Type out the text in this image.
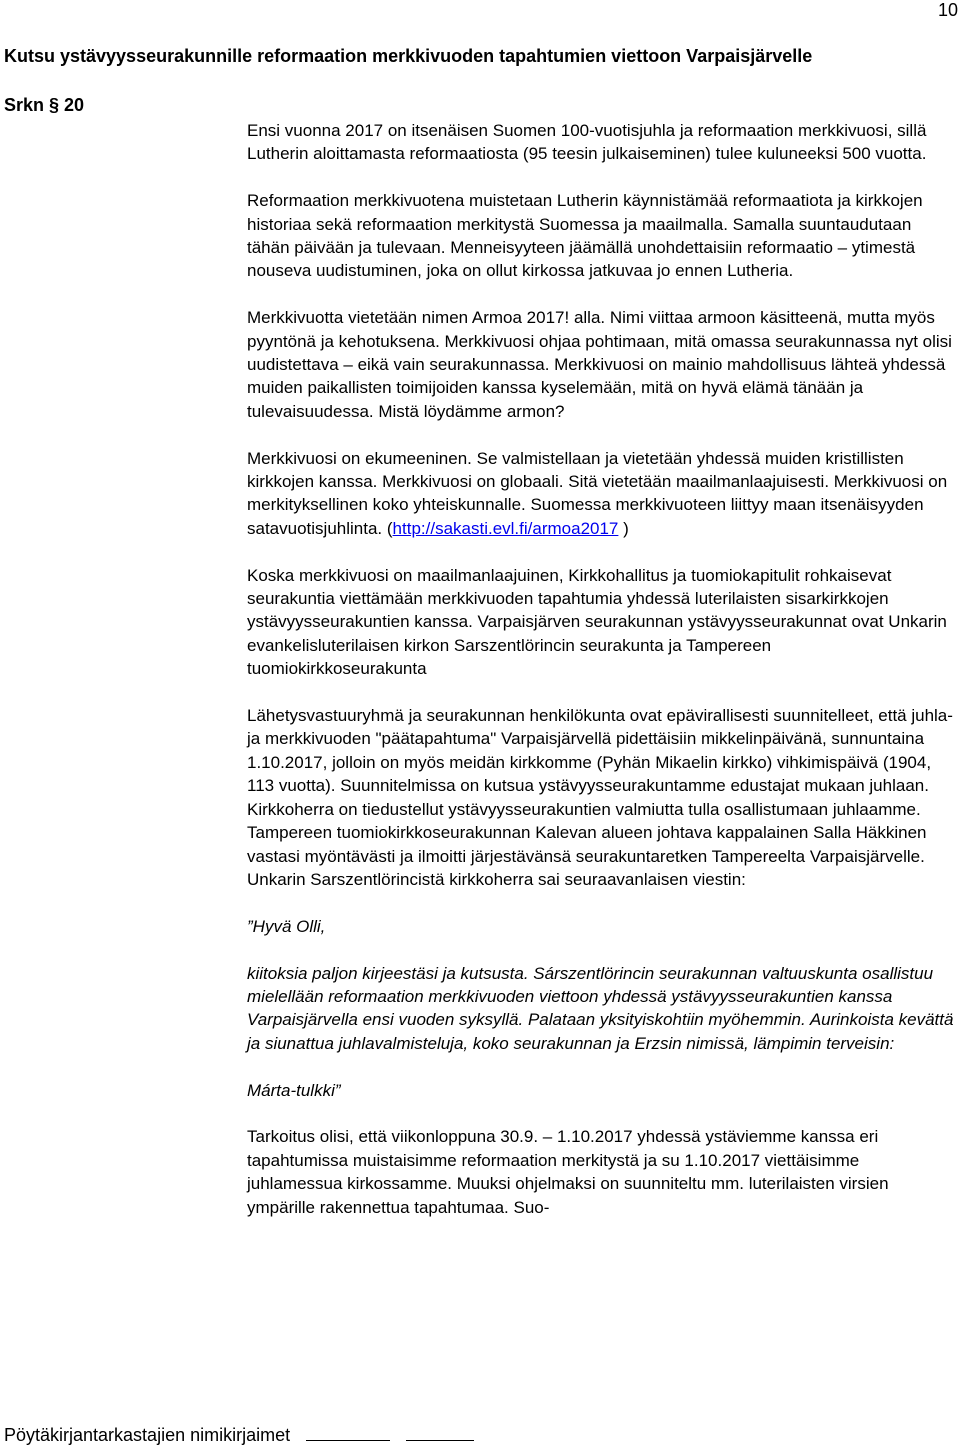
10
Kutsu ystävyysseurakunnille reformaation merkkivuoden tapahtumien viettoon Varpaisjärvelle
Srkn § 20

Ensi vuonna 2017 on itsenäisen Suomen 100-vuotisjuhla ja reformaation merkkivuosi, sillä Lutherin aloittamasta reformaatiosta (95 teesin julkaiseminen) tulee kuluneeksi 500 vuotta.

Reformaation merkkivuotena muistetaan Lutherin käynnistämää reformaatiota ja kirkkojen historiaa sekä reformaation merkitystä Suomessa ja maailmalla. Samalla suuntaudutaan tähän päivään ja tulevaan. Menneisyyteen jäämällä unohdettaisiin reformaatio – ytimestä nouseva uudistuminen, joka on ollut kirkossa jatkuvaa jo ennen Lutheria.

Merkkivuotta vietetään nimen Armoa 2017! alla. Nimi viittaa armoon käsitteenä, mutta myös pyyntönä ja kehotuksena. Merkkivuosi ohjaa pohtimaan, mitä omassa seurakunnassa nyt olisi uudistettava – eikä vain seurakunnassa. Merkkivuosi on mainio mahdollisuus lähteä yhdessä muiden paikallisten toimijoiden kanssa kyselemään, mitä on hyvä elämä tänään ja tulevaisuudessa. Mistä löydämme armon?

Merkkivuosi on ekumeeninen. Se valmistellaan ja vietetään yhdessä muiden kristillisten kirkkojen kanssa. Merkkivuosi on globaali. Sitä vietetään maailmanlaajuisesti. Merkkivuosi on merkityksellinen koko yhteiskunnalle. Suomessa merkkivuoteen liittyy maan itsenäisyyden satavuotisjuhlinta. (http://sakasti.evl.fi/armoa2017 )

Koska merkkivuosi on maailmanlaajuinen, Kirkkohallitus ja tuomiokapitulit rohkaisevat seurakuntia viettämään merkkivuoden tapahtumia yhdessä luterilaisten sisarkirkkojen ystävyysseurakuntien kanssa. Varpaisjärven seurakunnan ystävyysseurakunnat ovat Unkarin evankelisluterilaisen kirkon Sarszentlörincin seurakunta ja Tampereen tuomiokirkkoseurakunta

Lähetysvastuuryhmä ja seurakunnan henkilökunta ovat epävirallisesti suunnitelleet, että juhla- ja merkkivuoden "päätapahtuma" Varpaisjärvellä pidettäisiin mikkelinpäivänä, sunnuntaina 1.10.2017, jolloin on myös meidän kirkkomme (Pyhän Mikaelin kirkko) vihkimispäivä (1904, 113 vuotta). Suunnitelmissa on kutsua ystävyysseurakuntamme edustajat mukaan juhlaan. Kirkkoherra on tiedustellut ystävyysseurakuntien valmiutta tulla osallistumaan juhlaamme. Tampereen tuomiokirkkoseurakunnan Kalevan alueen johtava kappalainen Salla Häkkinen vastasi myöntävästi ja ilmoitti järjestävänsä seurakuntaretken Tampereelta Varpaisjärvelle. Unkarin Sarszentlörincistä kirkkoherra sai seuraavanlaisen viestin:

”Hyvä Olli,

kiitoksia paljon kirjeestäsi ja kutsusta. Sárszentlörincin seurakunnan valtuuskunta osallistuu mielellään reformaation merkkivuoden viettoon yhdessä ystävyysseurakuntien kanssa Varpaisjärvella ensi vuoden syksyllä. Palataan yksityiskohtiin myöhemmin. Aurinkoista kevättä ja siunattua juhlavalmisteluja, koko seurakunnan ja Erzsin nimissä, lämpimin terveisin:

Márta-tulkki”

Tarkoitus olisi, että viikonloppuna 30.9. – 1.10.2017 yhdessä ystäviemme kanssa eri tapahtumissa muistaisimme reformaation merkitystä ja su 1.10.2017 viettäisimme juhlamessua kirkossamme. Muuksi ohjelmaksi on suunniteltu mm. luterilaisten virsien ympärille rakennettua tapahtumaa. Suo-

Pöytäkirjantarkastajien nimikirjaimet
